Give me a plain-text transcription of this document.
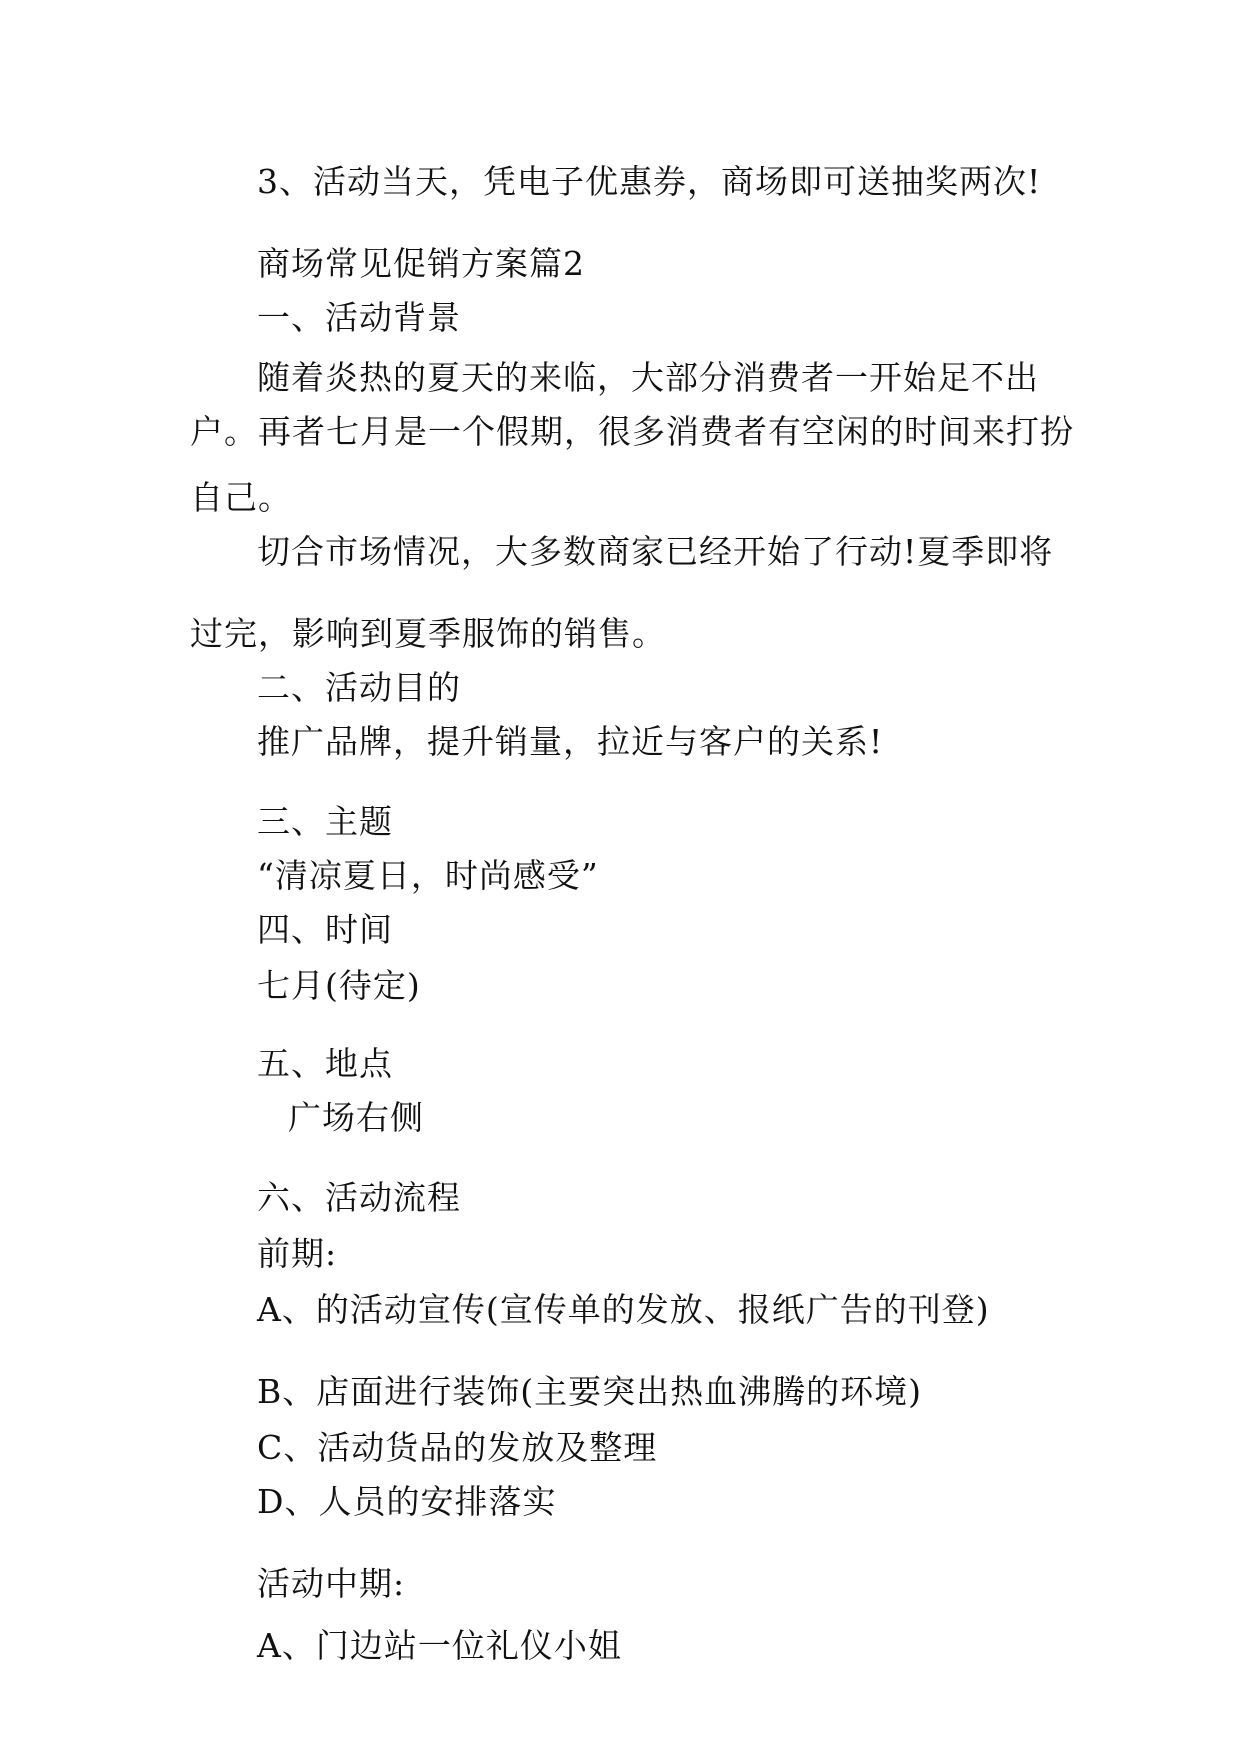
3、活动当天，凭电子优惠券，商场即可送抽奖两次!
商场常见促销方案篇2
一、活动背景
随着炎热的夏天的来临，大部分消费者一开始足不出
户。再者七月是一个假期，很多消费者有空闲的时间来打扮
自己。
切合市场情况，大多数商家已经开始了行动!夏季即将
过完，影响到夏季服饰的销售。
二、活动目的
推广品牌，提升销量，拉近与客户的关系!
三、主题
“清凉夏日，时尚感受”
四、时间
七月(待定)
五、地点
广场右侧
六、活动流程
前期:
A、的活动宣传(宣传单的发放、报纸广告的刊登)
B、店面进行装饰(主要突出热血沸腾的环境)
C、活动货品的发放及整理
D、人员的安排落实
活动中期:
A、门边站一位礼仪小姐
